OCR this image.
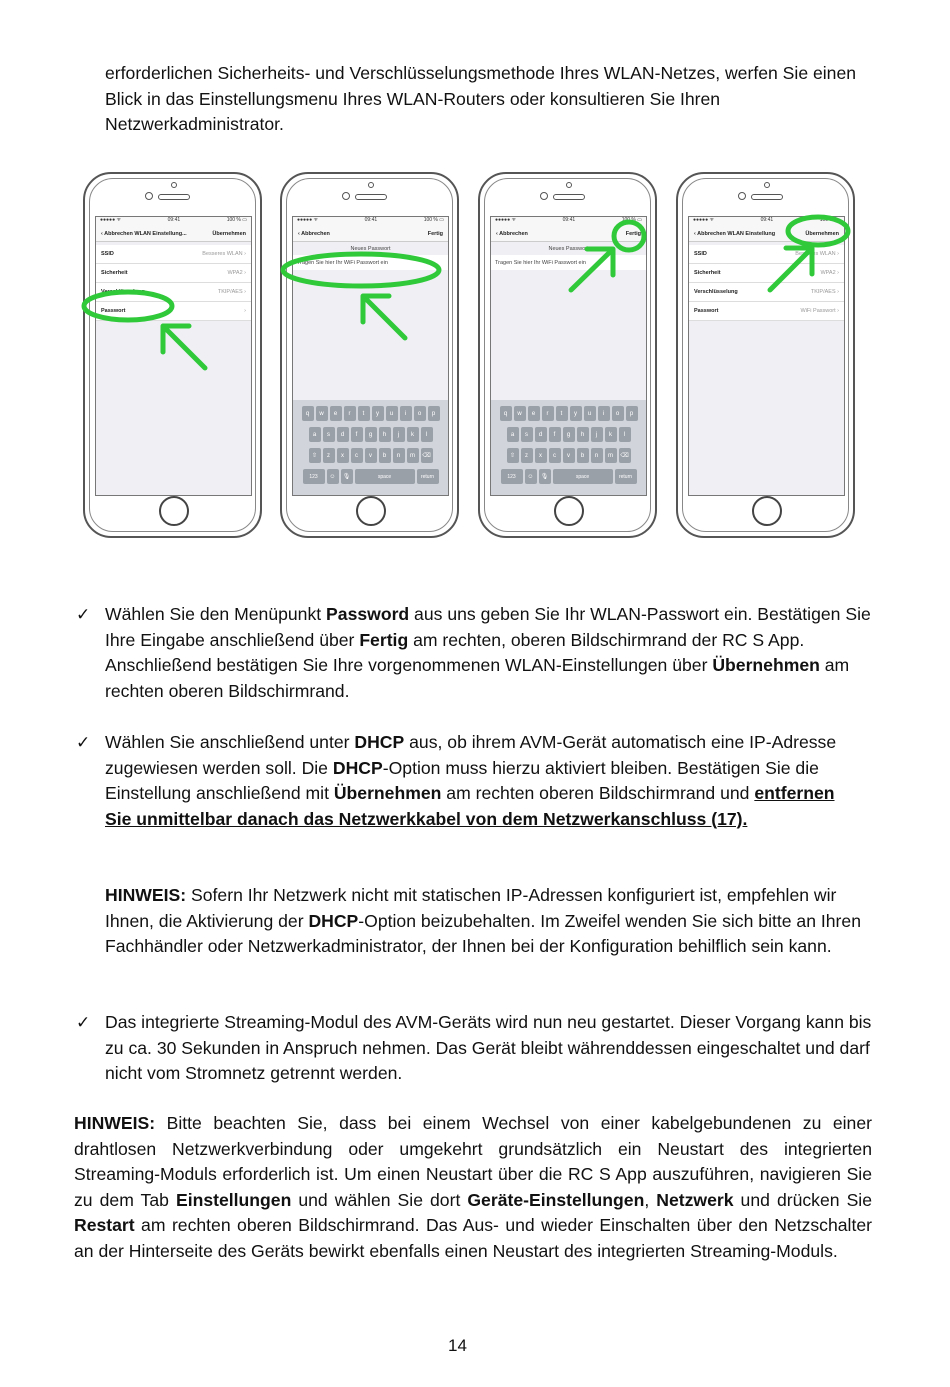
erforderlichen Sicherheits- und Verschlüsselungsmethode Ihres WLAN-Netzes, werfen Sie einen Blick in das Einstellungsmenu Ihres WLAN-Routers oder konsultieren Sie Ihren Netzwerkadministrator.
●●●●● ᯤ	09:41	100 % ▭
‹ Abbrechen WLAN Einstellung...	Übernehmen
SSID	Besseres WLAN ›
Sicherheit	WPA2 ›
Verschlüsselung	TKIP/AES ›
Passwort	›
●●●●● ᯤ	09:41	100 % ▭
‹ Abbrechen	Fertig
Neues Passwort
Tragen Sie hier Ihr WiFi Passwort ein
q	w	e	r	t	y	u	i	o	p
a	s	d	f	g	h	j	k	l
⇧	z	x	c	v	b	n	m	⌫
123	☺	🎙	space	return
●●●●● ᯤ	09:41	100 % ▭
‹ Abbrechen	Fertig
Neues Passwort
Tragen Sie hier Ihr WiFi Passwort ein
q	w	e	r	t	y	u	i	o	p
a	s	d	f	g	h	j	k	l
⇧	z	x	c	v	b	n	m	⌫
123	☺	🎙	space	return
●●●●● ᯤ	09:41	100 % ▭
‹ Abbrechen WLAN Einstellung	Übernehmen
SSID	Besseres WLAN ›
Sicherheit	WPA2 ›
Verschlüsselung	TKIP/AES ›
Passwort	WiFi Passwort ›
✓ Wählen Sie den Menüpunkt Password aus uns geben Sie Ihr WLAN-Passwort ein. Bestätigen Sie Ihre Eingabe anschließend über Fertig am rechten, oberen Bildschirmrand der RC S App. Anschließend bestätigen Sie Ihre vorgenommenen WLAN-Einstellungen über Übernehmen am rechten oberen Bildschirmrand.
✓ Wählen Sie anschließend unter DHCP aus, ob ihrem AVM-Gerät automatisch eine IP-Adresse zugewiesen werden soll. Die DHCP-Option muss hierzu aktiviert bleiben. Bestätigen Sie die Einstellung anschließend mit Übernehmen am rechten oberen Bildschirmrand und entfernen Sie unmittelbar danach das Netzwerkkabel von dem Netzwerkanschluss (17).
HINWEIS: Sofern Ihr Netzwerk nicht mit statischen IP-Adressen konfiguriert ist, empfehlen wir Ihnen, die Aktivierung der DHCP-Option beizubehalten. Im Zweifel wenden Sie sich bitte an Ihren Fachhändler oder Netzwerkadministrator, der Ihnen bei der Konfiguration behilflich sein kann.
✓ Das integrierte Streaming-Modul des AVM-Geräts wird nun neu gestartet. Dieser Vorgang kann bis zu ca. 30 Sekunden in Anspruch nehmen. Das Gerät bleibt währenddessen eingeschaltet und darf nicht vom Stromnetz getrennt werden.
HINWEIS: Bitte beachten Sie, dass bei einem Wechsel von einer kabelgebundenen zu einer drahtlosen Netzwerkverbindung oder umgekehrt grundsätzlich ein Neustart des integrierten Streaming-Moduls erforderlich ist. Um einen Neustart über die RC S App auszuführen, navigieren Sie zu dem Tab Einstellungen und wählen Sie dort Geräte-Einstellungen, Netzwerk und drücken Sie Restart am rechten oberen Bildschirmrand. Das Aus- und wieder Einschalten über den Netzschalter an der Hinterseite des Geräts bewirkt ebenfalls einen Neustart des integrierten Streaming-Moduls.
14
